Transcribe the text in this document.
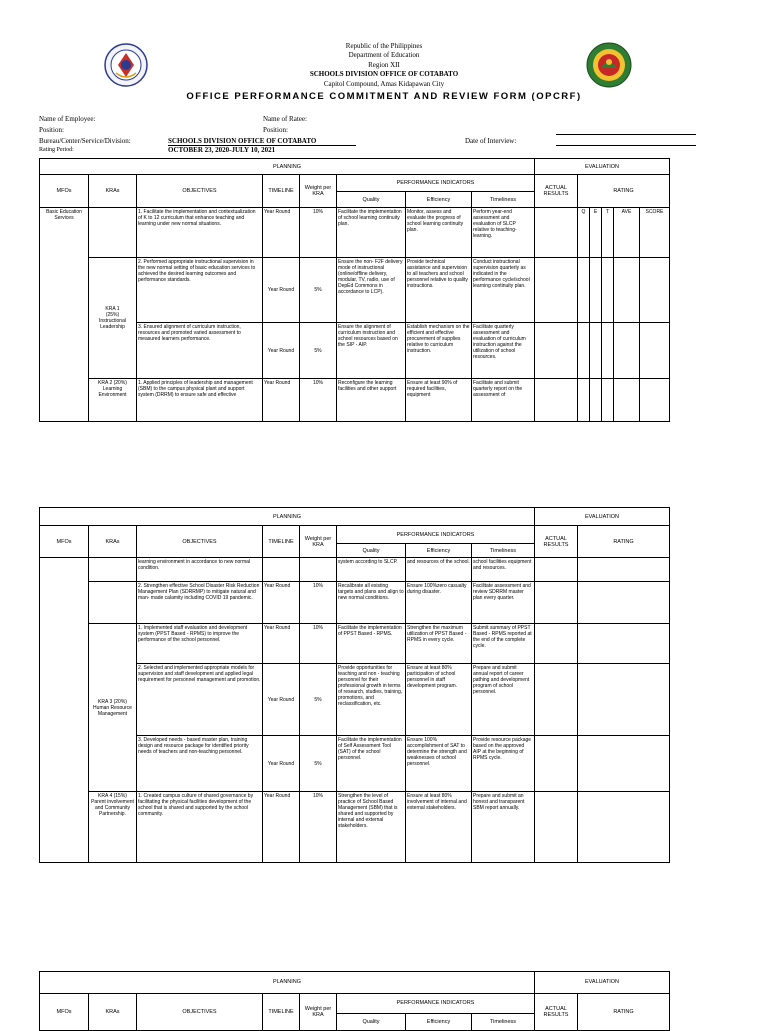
Republic of the Philippines
Department of Education
Region XII
SCHOOLS DIVISION OFFICE OF COTABATO
Capitol Compound, Amas Kidapawan City
OFFICE PERFORMANCE COMMITMENT AND REVIEW FORM (OPCRF)
Name of Employee:
Position:
Bureau/Center/Service/Division:
Rating Period:
SCHOOLS DIVISION OFFICE OF COTABATO
OCTOBER 23, 2020-JULY 10, 2021
Name of Ratee:
Position:
Date of Interview:
PLANNING								EVALUATION					
MFOs	KRAs	OBJECTIVES	TIMELINE	Weight per KRA	PERFORMANCE INDICATORS			ACTUAL RESULTS	RATING				
					Quality	Efficiency	Timeliness						
Basic Education Services		1. Facilitate the implementation and contextualization of K to 12 curriculum that enhance teaching and learning under new normal situations.	Year Round	10%	Facilitate the implementation of school learning continuity plan.	Monitor, assess and evaluate the progress of school learning continuity plan.	Perform year-end assessment and evaluation of SLCP relative to teaching-learning.		Q	E	T	AVE	SCORE
	KRA 1
(25%)
Instructional
Leadership	2. Performed appropriate instructional supervision in the new normal setting of basic education services to achieved the desired learning outcomes and performance standards.	Year Round	5%	Ensure the non- F2F delivery mode of instructional (online/offline delivery, modular, TV, radio, use of DepEd Commons in accordance to LCP).	Provide technical assistance and supervision to all teachers and school personnel relative to quality instructions.	Conduct instructional supervision quarterly as indicated in the performance cycle/school learning continuity plan.						
		3. Ensured alignment of curriculum instruction, resources and promoted varied assessment to measured learners performance.	Year Round	5%	Ensure the alignment of curriculum instruction and school resources based on the SIP - AIP.	Establish mechanism on the efficient and effective procurement of supplies relative to curriculum instruction.	Facilitate quarterly assessment and evaluation of curriculum instruction against the utilization of school resources.						
	KRA 2 (20%)
Learning
Environment	1. Applied principles of leadership and management (SBM) to the campus physical plant and support system (DRRM) to ensure safe and effective	Year Round	10%	Reconfigure the learning facilities and other support	Ensure at least 90% of required facilities, equipment	Facilitate and submit quarterly report on the assessment of						
PLANNING								EVALUATION	
MFOs	KRAs	OBJECTIVES	TIMELINE	Weight per KRA	PERFORMANCE INDICATORS			ACTUAL RESULTS	RATING
					Quality	Efficiency	Timeliness		
		learning environment in accordance to new normal condition.			system according to SLCP.	and resources of the school.	school facilities equipment and resources.		
		2. Strengthen effective School Disaster Risk Reduction Management Plan (SDRRMP) to mitigate natural and man- made calamity including COVID 19 pandemic.	Year Round	10%	Recalibrate all existing targets and plans and align to new normal conditions.	Ensure 100%zero casualty during disaster.	Facilitate assessment and review SDRRM master plan every quarter.		
	KRA 3 (20%)
Human Resource
Management	1. Implemented staff evaluation and development system (PPST Based - RPMS) to improve the performance of the school personnel.	Year Round	10%	Facilitate the implementation of PPST Based - RPMS.	Strengthen the maximum utilization of PPST Based - RPMS in every cycle.	Submit summary of PPST Based - RPMS reported at the end of the complete cycle.		
		2. Selected and implemented appropriate models for supervision and staff development and applied legal requirement for personnel management and promotion.	Year Round	5%	Provide opportunities for teaching and non - teaching personnel for their professional growth in terms of research, studies, training, promotions, and reclassification, etc.	Ensure at least 80% participation of school personnel in staff development program.	Prepare and submit annual report of career pathing and development program of school personnel.		
		3. Developed needs - based master plan, training design and resource package for identified priority needs of teachers and non-teaching personnel.	Year Round	5%	Facilitate the implementation of Self Assessment Tool (SAT) of the school personnel.	Ensure 100% accomplishment of SAT to determine the strength and weaknesses of school personnel.	Provide resource package based on the approved AIP at the beginning of RPMS cycle.		
	KRA 4 (15%)
Parent involvement
and Community
Partnership.	1. Created campus culture of shared governance by facilitating the physical facilities development of the school that is shared and supported by the school community.	Year Round	10%	Strengthen the level of practice of School Based Management (SBM) that is shared and supported by internal and external stakeholders.	Ensure at least 80% involvement of internal and external stakeholders.	Prepare and submit an honest and transparent SBM report annually.		
PLANNING								EVALUATION	
MFOs	KRAs	OBJECTIVES	TIMELINE	Weight per KRA	PERFORMANCE INDICATORS			ACTUAL RESULTS	RATING
					Quality	Efficiency	Timeliness		
